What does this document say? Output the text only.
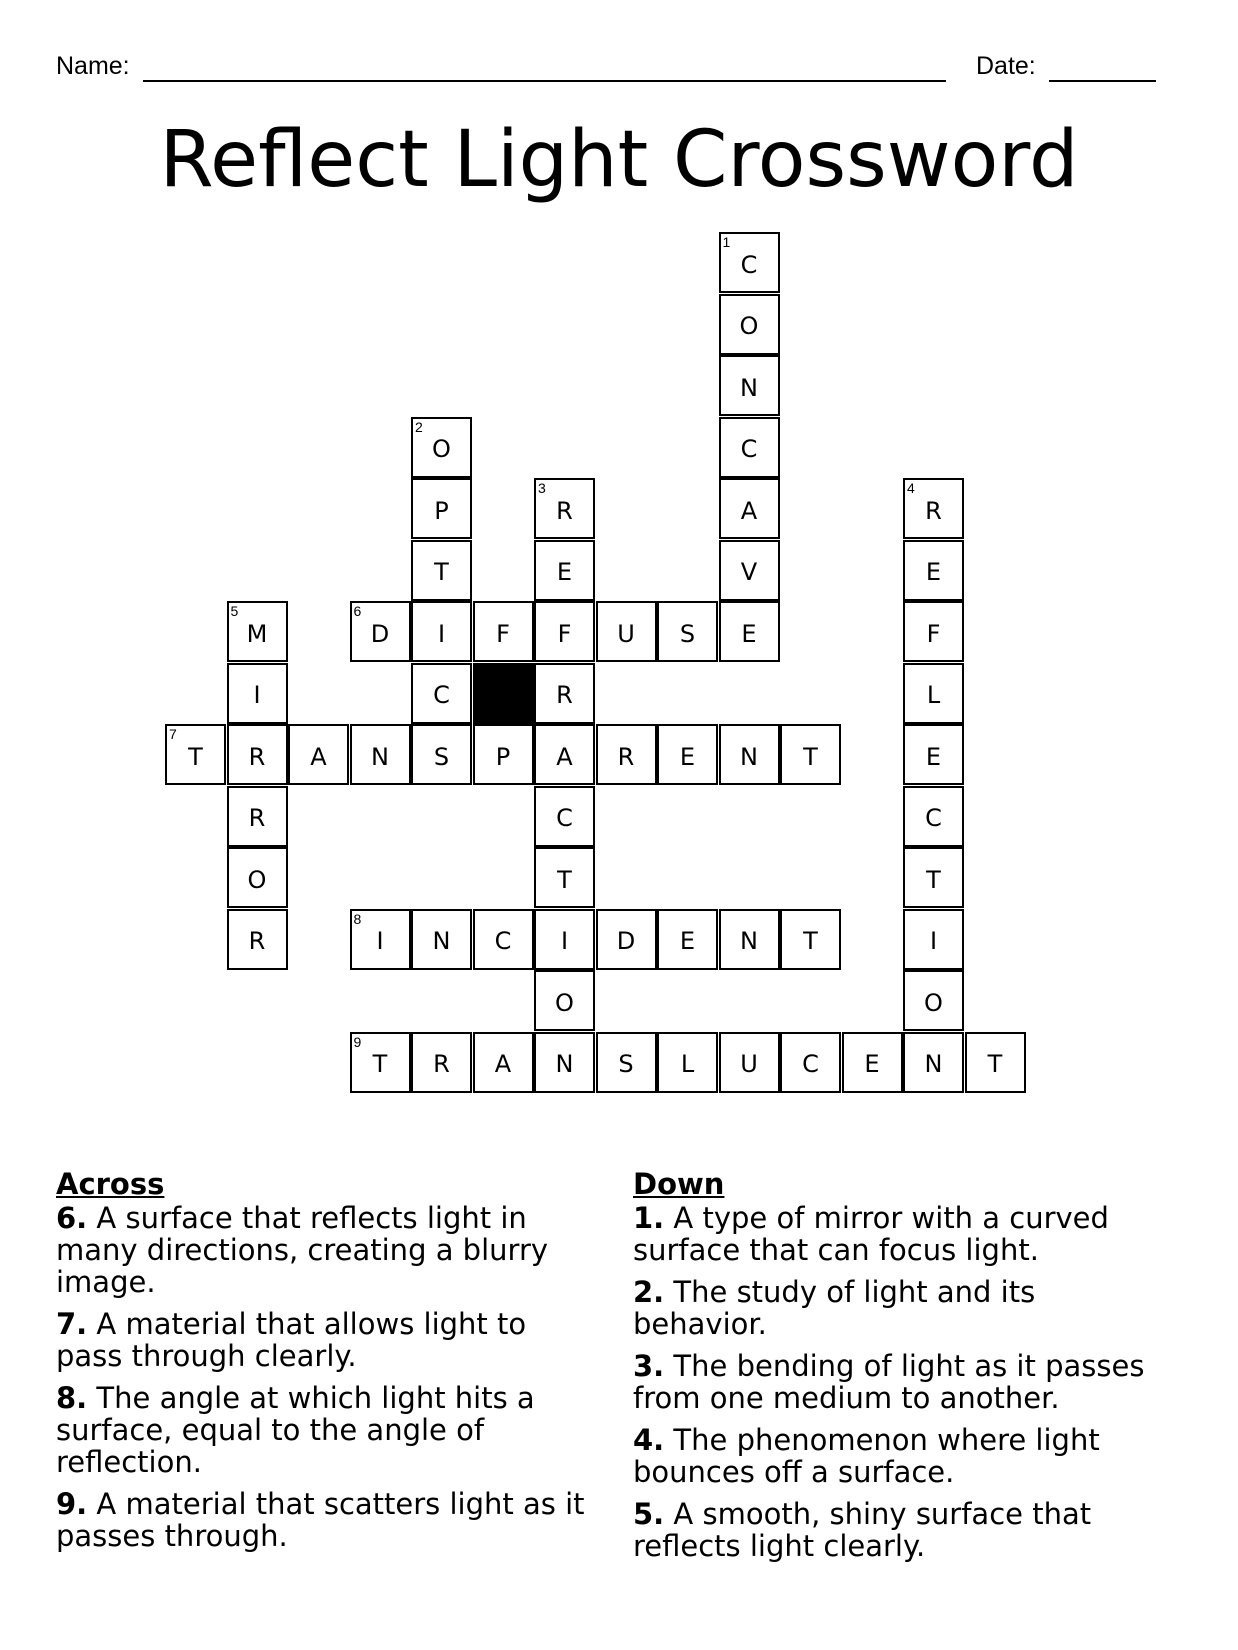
Name:	Date:
Reflect Light Crossword
1
C
O
N
C
A
V
E
2
O
P
T
I
C
S
3
R
E
F
R
A
C
T
I
O
N
4
R
E
F
L
E
C
T
I
O
N
5
M
I
R
R
O
R
6
D	F	U	S
7
T	A	N	P	R	E	N	T
8
I	N	C	D	E	N	T
9
T	R	A	S	L	U	C	E	T
Across
6. A surface that reflects light in many directions, creating a blurry image.
7. A material that allows light to pass through clearly.
8. The angle at which light hits a surface, equal to the angle of reflection.
9. A material that scatters light as it passes through.
Down
1. A type of mirror with a curved surface that can focus light.
2. The study of light and its behavior.
3. The bending of light as it passes from one medium to another.
4. The phenomenon where light bounces off a surface.
5. A smooth, shiny surface that reflects light clearly.
